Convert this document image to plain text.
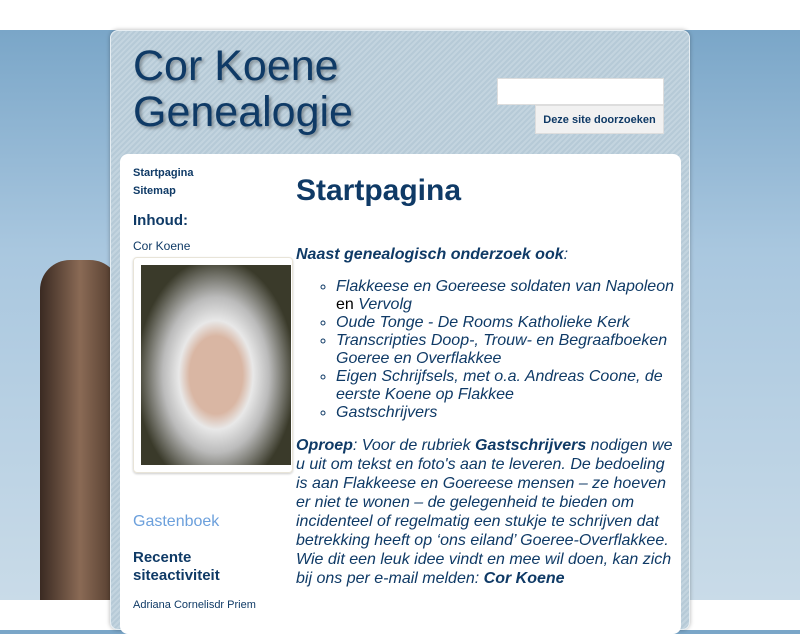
Cor Koene
Genealogie	Deze site doorzoeken
Startpagina
Sitemap
Inhoud:
Cor Koene
Gastenboek
Recente siteactiviteit
Adriana Cornelisdr Priem
Startpagina

Naast genealogisch onderzoek ook:

◦ Flakkeese en Goereese soldaten van Napoleon en Vervolg
◦ Oude Tonge - De Rooms Katholieke Kerk
◦ Transcripties Doop-, Trouw- en Begraafboeken Goeree en Overflakkee
◦ Eigen Schrijfsels, met o.a. Andreas Coone, de eerste Koene op Flakkee
◦ Gastschrijvers

Oproep: Voor de rubriek Gastschrijvers nodigen we u uit om tekst en foto's aan te leveren. De bedoeling is aan Flakkeese en Goereese mensen – ze hoeven er niet te wonen – de gelegenheid te bieden om incidenteel of regelmatig een stukje te schrijven dat betrekking heeft op ‘ons eiland’ Goeree-Overflakkee. Wie dit een leuk idee vindt en mee wil doen, kan zich bij ons per e-mail melden: Cor Koene
